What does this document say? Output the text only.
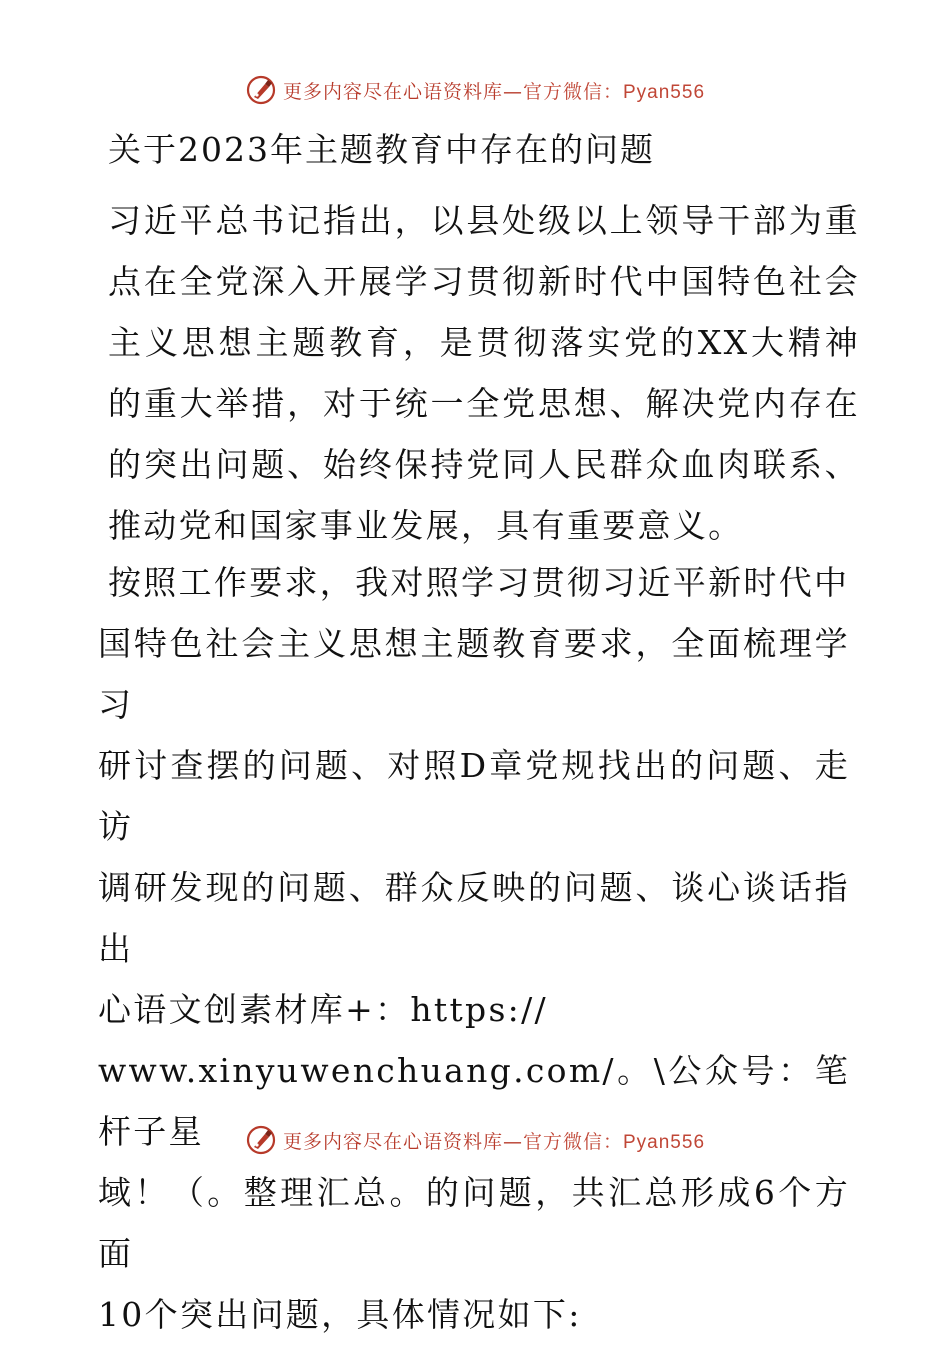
更多内容尽在心语资料库—官方微信：Pyan556
关于2023年主题教育中存在的问题

习近平总书记指出，以县处级以上领导干部为重点在全党深入开展学习贯彻新时代中国特色社会主义思想主题教育，是贯彻落实党的XX大精神的重大举措，对于统一全党思想、解决党内存在的突出问题、始终保持党同人民群众血肉联系、推动党和国家事业发展，具有重要意义。

按照工作要求，我对照学习贯彻习近平新时代中
国特色社会主义思想主题教育要求，全面梳理学习
研讨查摆的问题、对照D章党规找出的问题、走访
调研发现的问题、群众反映的问题、谈心谈话指出
心语文创素材库+：https://
www.xinyuwenchuang.com/。\公众号：笔杆子星
域！（。整理汇总。的问题，共汇总形成6个方面
10个突出问题，具体情况如下:
更多内容尽在心语资料库—官方微信：Pyan556
